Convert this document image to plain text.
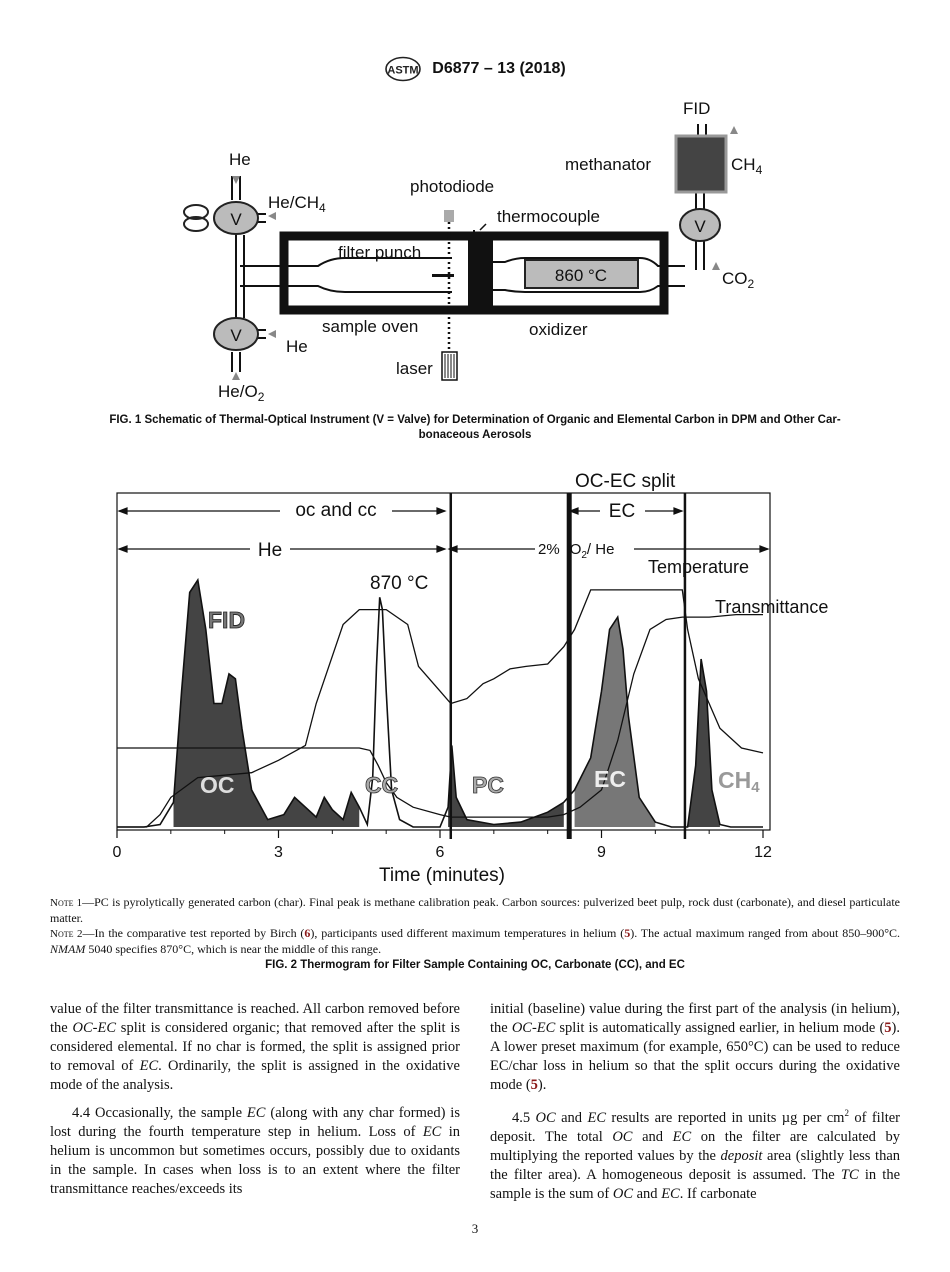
ASTM D6877 – 13 (2018)
FID
methanator	$CH_4$
He
$He/CH_4$
photodiode
thermocouple
filter punch
860 °C
V
V
V
$CO_2$
sample oven	oxidizer
He
laser
$He/O_2$
FIG. 1 Schematic of Thermal-Optical Instrument (V = Valve) for Determination of Organic and Elemental Carbon in DPM and Other Car-
bonaceous Aerosols
0	3	6	9	12
OC-EC split
oc and cc	EC
He	2% $O_2/$ He
870 °C
Temperature
Transmittance
FID
OC	CC	PC	EC	CH4
Time (minutes)
Note 1—PC is pyrolytically generated carbon (char). Final peak is methane calibration peak. Carbon sources: pulverized beet pulp, rock dust (carbonate), and diesel particulate matter.
Note 2—In the comparative test reported by Birch (6), participants used different maximum temperatures in helium (5). The actual maximum ranged from about 850–900°C. NMAM 5040 specifies 870°C, which is near the middle of this range.
FIG. 2 Thermogram for Filter Sample Containing OC, Carbonate (CC), and EC

value of the filter transmittance is reached. All carbon removed before the OC-EC split is considered organic; that removed after the split is considered elemental. If no char is formed, the split is assigned prior to removal of EC. Ordinarily, the split is assigned in the oxidative mode of the analysis.

4.4 Occasionally, the sample EC (along with any char formed) is lost during the fourth temperature step in helium. Loss of EC in helium is uncommon but sometimes occurs, possibly due to oxidants in the sample. In cases when loss is to an extent where the filter transmittance reaches/exceeds its

initial (baseline) value during the first part of the analysis (in helium), the OC-EC split is automatically assigned earlier, in helium mode (5). A lower preset maximum (for example, 650°C) can be used to reduce EC/char loss in helium so that the split occurs during the oxidative mode (5).

4.5 OC and EC results are reported in units µg per $cm^2$ of filter deposit. The total OC and EC on the filter are calculated by multiplying the reported values by the deposit area (slightly less than the filter area). A homogeneous deposit is assumed. The TC in the sample is the sum of OC and EC. If carbonate

3
